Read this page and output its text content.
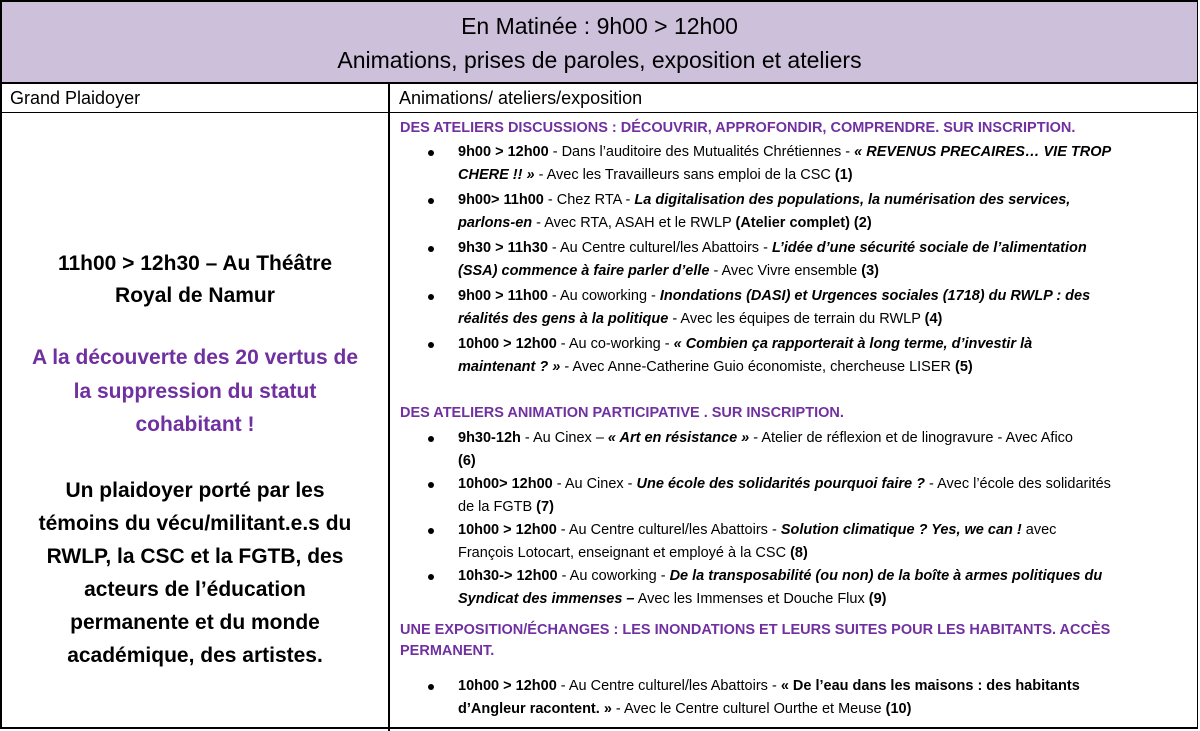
En Matinée : 9h00 > 12h00
Animations, prises de paroles, exposition et ateliers
Grand Plaidoyer	Animations/ ateliers/exposition
11h00 > 12h30 – Au Théâtre
Royal de Namur
A la découverte des 20 vertus de
la suppression du statut
cohabitant !
Un plaidoyer porté par les
témoins du vécu/militant.e.s du
RWLP, la CSC et la FGTB, des
acteurs de l’éducation
permanente et du monde
académique, des artistes.
DES ATELIERS DISCUSSIONS : DÉCOUVRIR, APPROFONDIR, COMPRENDRE. SUR INSCRIPTION.
9h00 > 12h00 - Dans l’auditoire des Mutualités Chrétiennes - « REVENUS PRECAIRES… VIE TROP
CHERE !! » - Avec les Travailleurs sans emploi de la CSC (1)
9h00> 11h00 - Chez RTA - La digitalisation des populations, la numérisation des services,
parlons-en - Avec RTA, ASAH et le RWLP (Atelier complet) (2)
9h30 > 11h30 - Au Centre culturel/les Abattoirs - L’idée d’une sécurité sociale de l’alimentation
(SSA) commence à faire parler d’elle - Avec Vivre ensemble (3)
9h00 > 11h00 - Au coworking - Inondations (DASI) et Urgences sociales (1718) du RWLP : des
réalités des gens à la politique - Avec les équipes de terrain du RWLP (4)
10h00 > 12h00 - Au co-working - « Combien ça rapporterait à long terme, d’investir là
maintenant ? » - Avec Anne-Catherine Guio économiste, chercheuse LISER (5)
DES ATELIERS ANIMATION PARTICIPATIVE . SUR INSCRIPTION.
9h30-12h - Au Cinex – « Art en résistance » - Atelier de réflexion et de linogravure - Avec Afico
(6)
10h00> 12h00 - Au Cinex - Une école des solidarités pourquoi faire ? - Avec l’école des solidarités
de la FGTB (7)
10h00 > 12h00 - Au Centre culturel/les Abattoirs - Solution climatique ? Yes, we can ! avec
François Lotocart, enseignant et employé à la CSC (8)
10h30-> 12h00 - Au coworking - De la transposabilité (ou non) de la boîte à armes politiques du
Syndicat des immenses – Avec les Immenses et Douche Flux (9)
UNE EXPOSITION/ÉCHANGES : LES INONDATIONS ET LEURS SUITES POUR LES HABITANTS. ACCÈS
PERMANENT.
10h00 > 12h00 - Au Centre culturel/les Abattoirs - « De l’eau dans les maisons : des habitants
d’Angleur racontent. » - Avec le Centre culturel Ourthe et Meuse (10)
